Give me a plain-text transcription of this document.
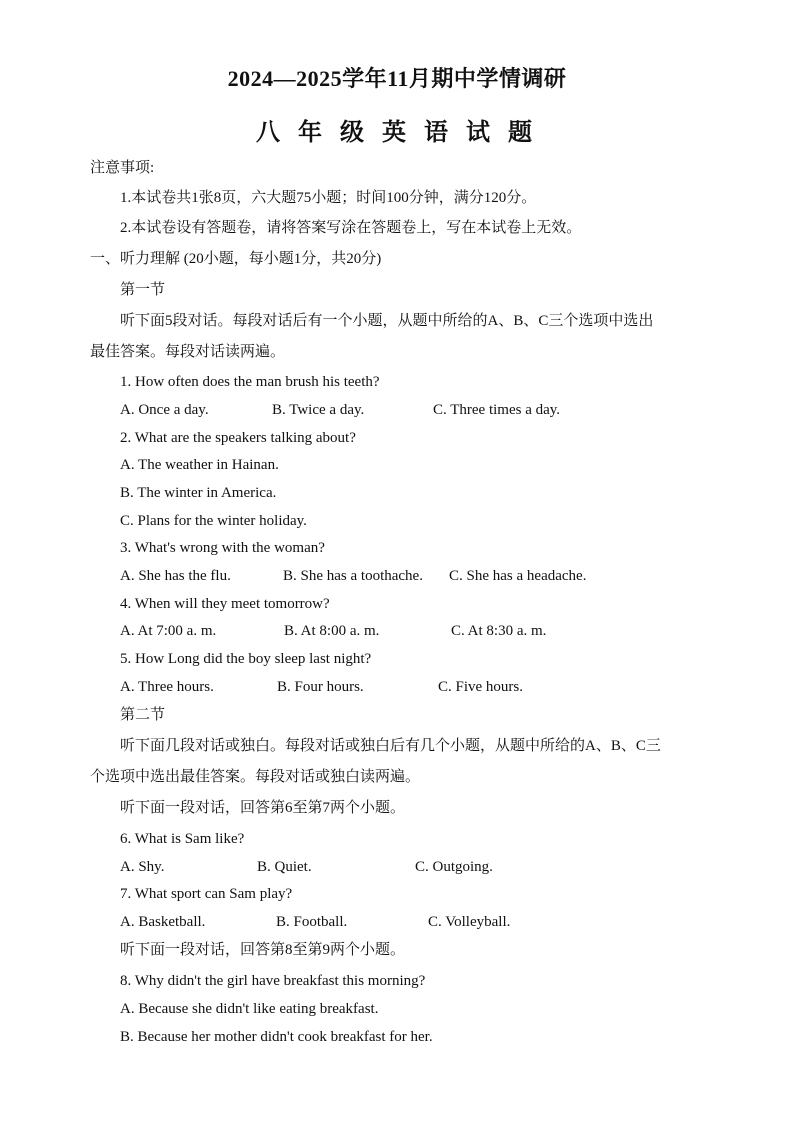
2024—2025学年11月期中学情调研
八 年 级 英 语 试 题
注意事项:
1.本试卷共1张8页，六大题75小题；时间100分钟，满分120分。
2.本试卷设有答题卷，请将答案写涂在答题卷上，写在本试卷上无效。
一、听力理解 (20小题，每小题1分，共20分)
第一节
听下面5段对话。每段对话后有一个小题，从题中所给的A、B、C三个选项中选出
最佳答案。每段对话读两遍。
1. How often does the man brush his teeth?
A. Once a day.	B. Twice a day.	C. Three times a day.
2. What are the speakers talking about?
A. The weather in Hainan.
B. The winter in America.
C. Plans for the winter holiday.
3. What's wrong with the woman?
A. She has the flu.	B. She has a toothache. C. She has a headache.
4. When will they meet tomorrow?
A. At 7:00 a. m.	B. At 8:00 a. m.	C. At 8:30 a. m.
5. How Long did the boy sleep last night?
A. Three hours.	B. Four hours.	C. Five hours.
第二节
听下面几段对话或独白。每段对话或独白后有几个小题，从题中所给的A、B、C三
个选项中选出最佳答案。每段对话或独白读两遍。
听下面一段对话，回答第6至第7两个小题。
6. What is Sam like?
A. Shy.	B. Quiet.	C. Outgoing.
7. What sport can Sam play?
A. Basketball.	B. Football.	C. Volleyball.
听下面一段对话，回答第8至第9两个小题。
8. Why didn't the girl have breakfast this morning?
A. Because she didn't like eating breakfast.
B. Because her mother didn't cook breakfast for her.
